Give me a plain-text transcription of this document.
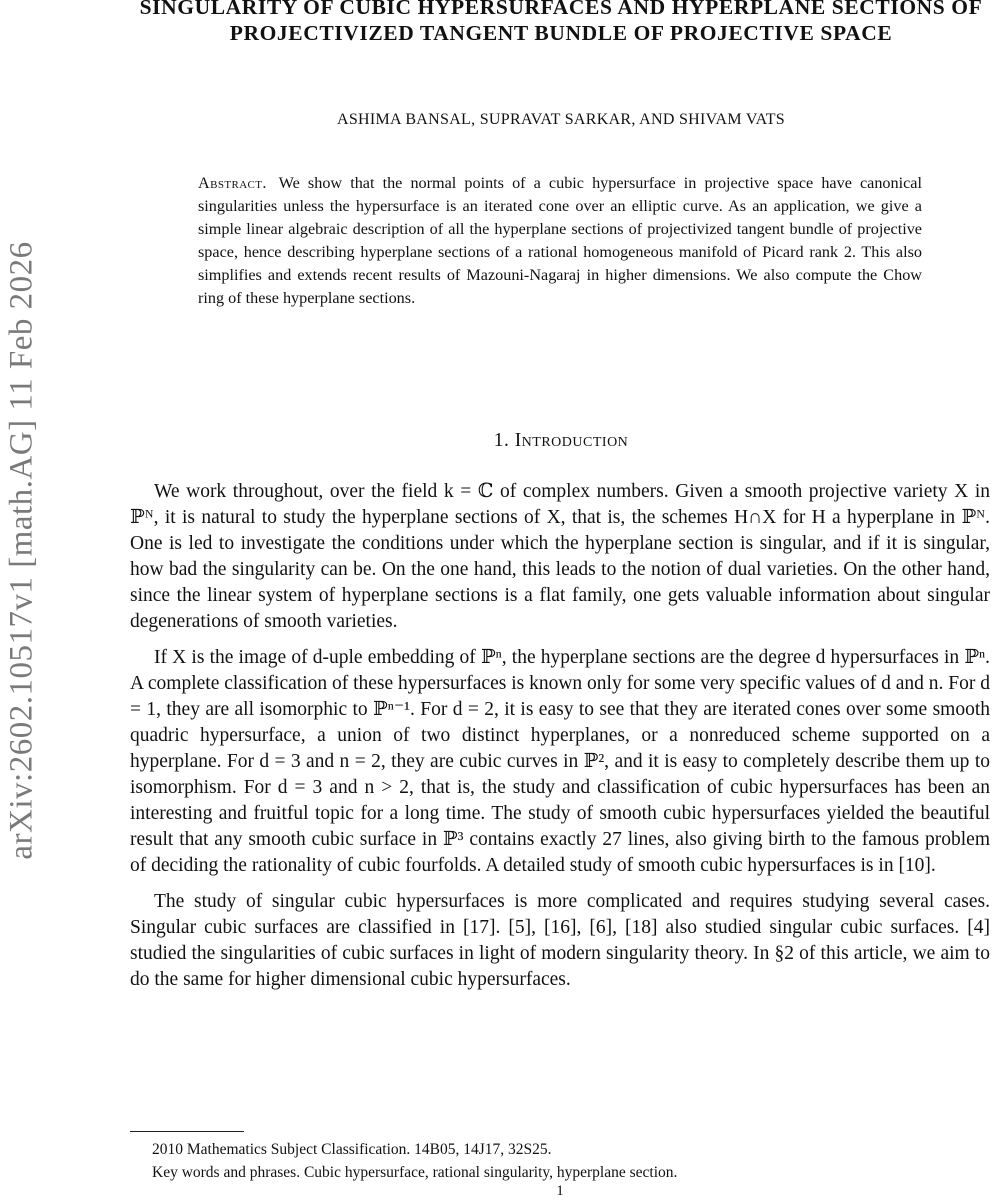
arXiv:2602.10517v1 [math.AG] 11 Feb 2026
SINGULARITY OF CUBIC HYPERSURFACES AND HYPERPLANE SECTIONS OF PROJECTIVIZED TANGENT BUNDLE OF PROJECTIVE SPACE
ASHIMA BANSAL, SUPRAVAT SARKAR, AND SHIVAM VATS
Abstract. We show that the normal points of a cubic hypersurface in projective space have canonical singularities unless the hypersurface is an iterated cone over an elliptic curve. As an application, we give a simple linear algebraic description of all the hyperplane sections of projectivized tangent bundle of projective space, hence describing hyperplane sections of a rational homogeneous manifold of Picard rank 2. This also simplifies and extends recent results of Mazouni-Nagaraj in higher dimensions. We also compute the Chow ring of these hyperplane sections.
1. Introduction

We work throughout, over the field k = ℂ of complex numbers. Given a smooth projective variety X in ℙᴺ, it is natural to study the hyperplane sections of X, that is, the schemes H∩X for H a hyperplane in ℙᴺ. One is led to investigate the conditions under which the hyperplane section is singular, and if it is singular, how bad the singularity can be. On the one hand, this leads to the notion of dual varieties. On the other hand, since the linear system of hyperplane sections is a flat family, one gets valuable information about singular degenerations of smooth varieties.

If X is the image of d-uple embedding of ℙⁿ, the hyperplane sections are the degree d hypersurfaces in ℙⁿ. A complete classification of these hypersurfaces is known only for some very specific values of d and n. For d = 1, they are all isomorphic to ℙⁿ⁻¹. For d = 2, it is easy to see that they are iterated cones over some smooth quadric hypersurface, a union of two distinct hyperplanes, or a nonreduced scheme supported on a hyperplane. For d = 3 and n = 2, they are cubic curves in ℙ², and it is easy to completely describe them up to isomorphism. For d = 3 and n > 2, that is, the study and classification of cubic hypersurfaces has been an interesting and fruitful topic for a long time. The study of smooth cubic hypersurfaces yielded the beautiful result that any smooth cubic surface in ℙ³ contains exactly 27 lines, also giving birth to the famous problem of deciding the rationality of cubic fourfolds. A detailed study of smooth cubic hypersurfaces is in [10].

The study of singular cubic hypersurfaces is more complicated and requires studying several cases. Singular cubic surfaces are classified in [17]. [5], [16], [6], [18] also studied singular cubic surfaces. [4] studied the singularities of cubic surfaces in light of modern singularity theory. In §2 of this article, we aim to do the same for higher dimensional cubic hypersurfaces.

2010 Mathematics Subject Classification. 14B05, 14J17, 32S25.
Key words and phrases. Cubic hypersurface, rational singularity, hyperplane section.
1
